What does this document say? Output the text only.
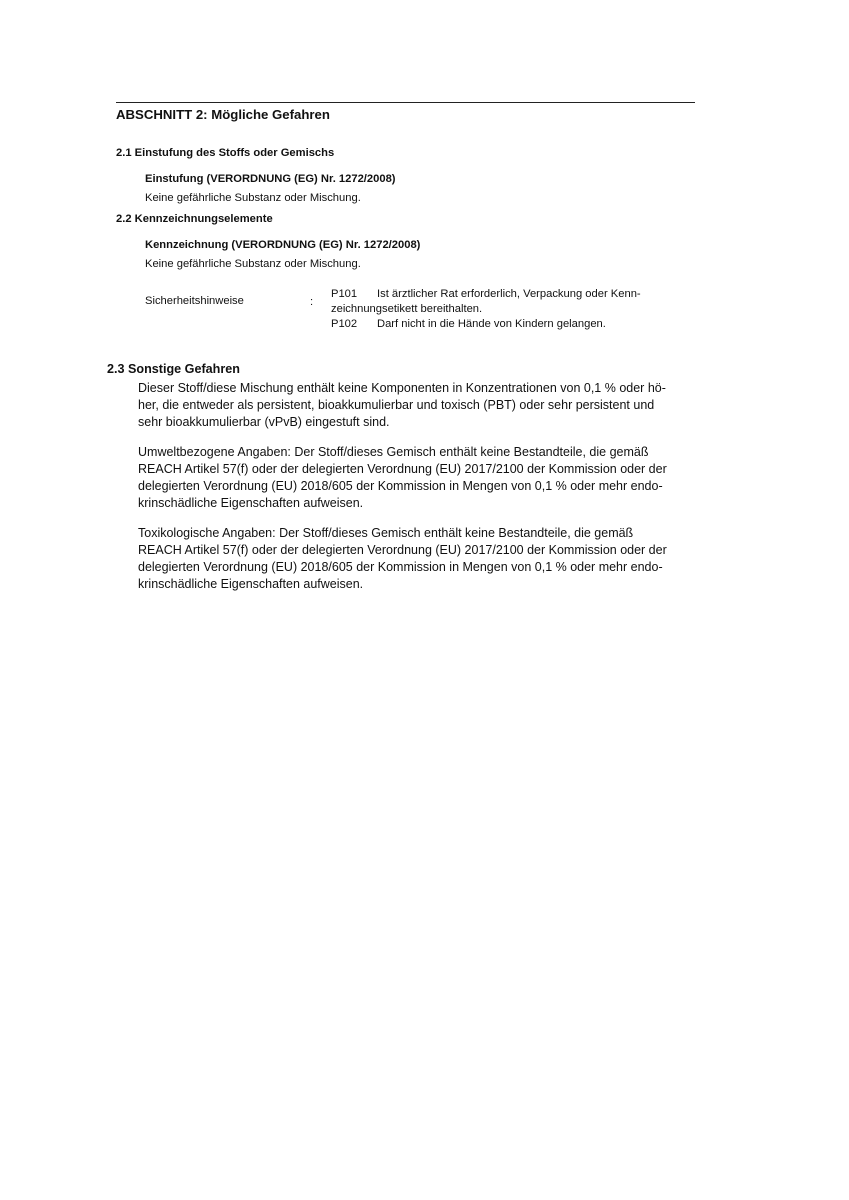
ABSCHNITT 2: Mögliche Gefahren
2.1 Einstufung des Stoffs oder Gemischs
Einstufung (VERORDNUNG (EG) Nr. 1272/2008)
Keine gefährliche Substanz oder Mischung.
2.2 Kennzeichnungselemente
Kennzeichnung (VERORDNUNG (EG) Nr. 1272/2008)
Keine gefährliche Substanz oder Mischung.
Sicherheitshinweise	:
P101 Ist ärztlicher Rat erforderlich, Verpackung oder Kenn-
zeichnungsetikett bereithalten.
P102 Darf nicht in die Hände von Kindern gelangen.
2.3 Sonstige Gefahren

Dieser Stoff/diese Mischung enthält keine Komponenten in Konzentrationen von 0,1 % oder hö-

her, die entweder als persistent, bioakkumulierbar und toxisch (PBT) oder sehr persistent und

sehr bioakkumulierbar (vPvB) eingestuft sind.

Umweltbezogene Angaben: Der Stoff/dieses Gemisch enthält keine Bestandteile, die gemäß

REACH Artikel 57(f) oder der delegierten Verordnung (EU) 2017/2100 der Kommission oder der

delegierten Verordnung (EU) 2018/605 der Kommission in Mengen von 0,1 % oder mehr endo-

krinschädliche Eigenschaften aufweisen.

Toxikologische Angaben: Der Stoff/dieses Gemisch enthält keine Bestandteile, die gemäß

REACH Artikel 57(f) oder der delegierten Verordnung (EU) 2017/2100 der Kommission oder der

delegierten Verordnung (EU) 2018/605 der Kommission in Mengen von 0,1 % oder mehr endo-

krinschädliche Eigenschaften aufweisen.
